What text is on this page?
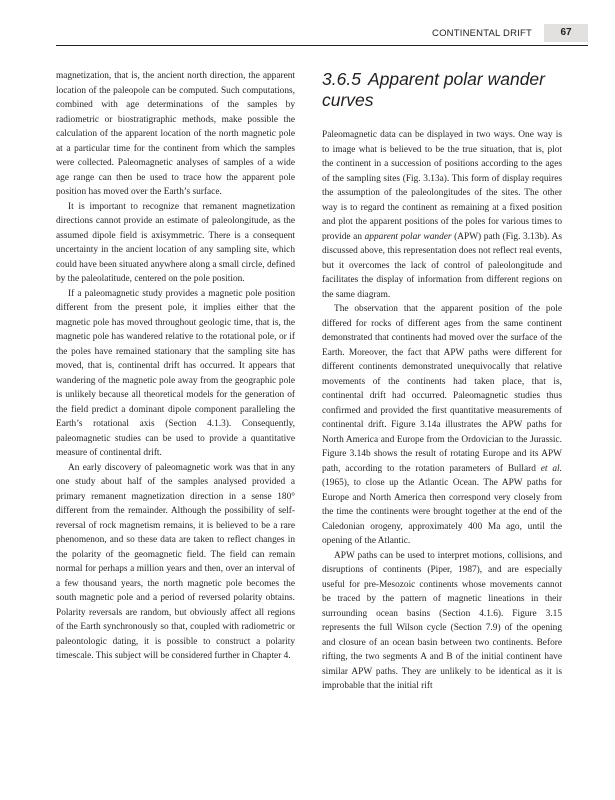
CONTINENTAL DRIFT	67

magnetization, that is, the ancient north direction, the apparent location of the paleopole can be computed. Such computations, combined with age determinations of the samples by radiometric or biostratigraphic methods, make possible the calculation of the apparent location of the north magnetic pole at a particular time for the continent from which the samples were collected. Paleomagnetic analyses of samples of a wide age range can then be used to trace how the apparent pole position has moved over the Earth’s surface.

It is important to recognize that remanent magnetization directions cannot provide an estimate of paleolongitude, as the assumed dipole field is axisymmetric. There is a consequent uncertainty in the ancient location of any sampling site, which could have been situated anywhere along a small circle, defined by the paleolatitude, centered on the pole position.

If a paleomagnetic study provides a magnetic pole position different from the present pole, it implies either that the magnetic pole has moved throughout geologic time, that is, the magnetic pole has wandered relative to the rotational pole, or if the poles have remained stationary that the sampling site has moved, that is, continental drift has occurred. It appears that wandering of the magnetic pole away from the geographic pole is unlikely because all theoretical models for the generation of the field predict a dominant dipole component paralleling the Earth’s rotational axis (Section 4.1.3). Consequently, paleomagnetic studies can be used to provide a quantitative measure of continental drift.

An early discovery of paleomagnetic work was that in any one study about half of the samples analysed provided a primary remanent magnetization direction in a sense 180° different from the remainder. Although the possibility of self-reversal of rock magnetism remains, it is believed to be a rare phenomenon, and so these data are taken to reflect changes in the polarity of the geomagnetic field. The field can remain normal for perhaps a million years and then, over an interval of a few thousand years, the north magnetic pole becomes the south magnetic pole and a period of reversed polarity obtains. Polarity reversals are random, but obviously affect all regions of the Earth synchronously so that, coupled with radiometric or paleontologic dating, it is possible to construct a polarity timescale. This subject will be considered further in Chapter 4.

3.6.5 Apparent polar wander curves

Paleomagnetic data can be displayed in two ways. One way is to image what is believed to be the true situation, that is, plot the continent in a succession of positions according to the ages of the sampling sites (Fig. 3.13a). This form of display requires the assumption of the paleolongitudes of the sites. The other way is to regard the continent as remaining at a fixed position and plot the apparent positions of the poles for various times to provide an apparent polar wander (APW) path (Fig. 3.13b). As discussed above, this representation does not reflect real events, but it overcomes the lack of control of paleolongitude and facilitates the display of information from different regions on the same diagram.

The observation that the apparent position of the pole differed for rocks of different ages from the same continent demonstrated that continents had moved over the surface of the Earth. Moreover, the fact that APW paths were different for different continents demonstrated unequivocally that relative movements of the continents had taken place, that is, continental drift had occurred. Paleomagnetic studies thus confirmed and provided the first quantitative measurements of continental drift. Figure 3.14a illustrates the APW paths for North America and Europe from the Ordovician to the Jurassic. Figure 3.14b shows the result of rotating Europe and its APW path, according to the rotation parameters of Bullard et al. (1965), to close up the Atlantic Ocean. The APW paths for Europe and North America then correspond very closely from the time the continents were brought together at the end of the Caledonian orogeny, approximately 400 Ma ago, until the opening of the Atlantic.

APW paths can be used to interpret motions, collisions, and disruptions of continents (Piper, 1987), and are especially useful for pre-Mesozoic continents whose movements cannot be traced by the pattern of magnetic lineations in their surrounding ocean basins (Section 4.1.6). Figure 3.15 represents the full Wilson cycle (Section 7.9) of the opening and closure of an ocean basin between two continents. Before rifting, the two segments A and B of the initial continent have similar APW paths. They are unlikely to be identical as it is improbable that the initial rift
